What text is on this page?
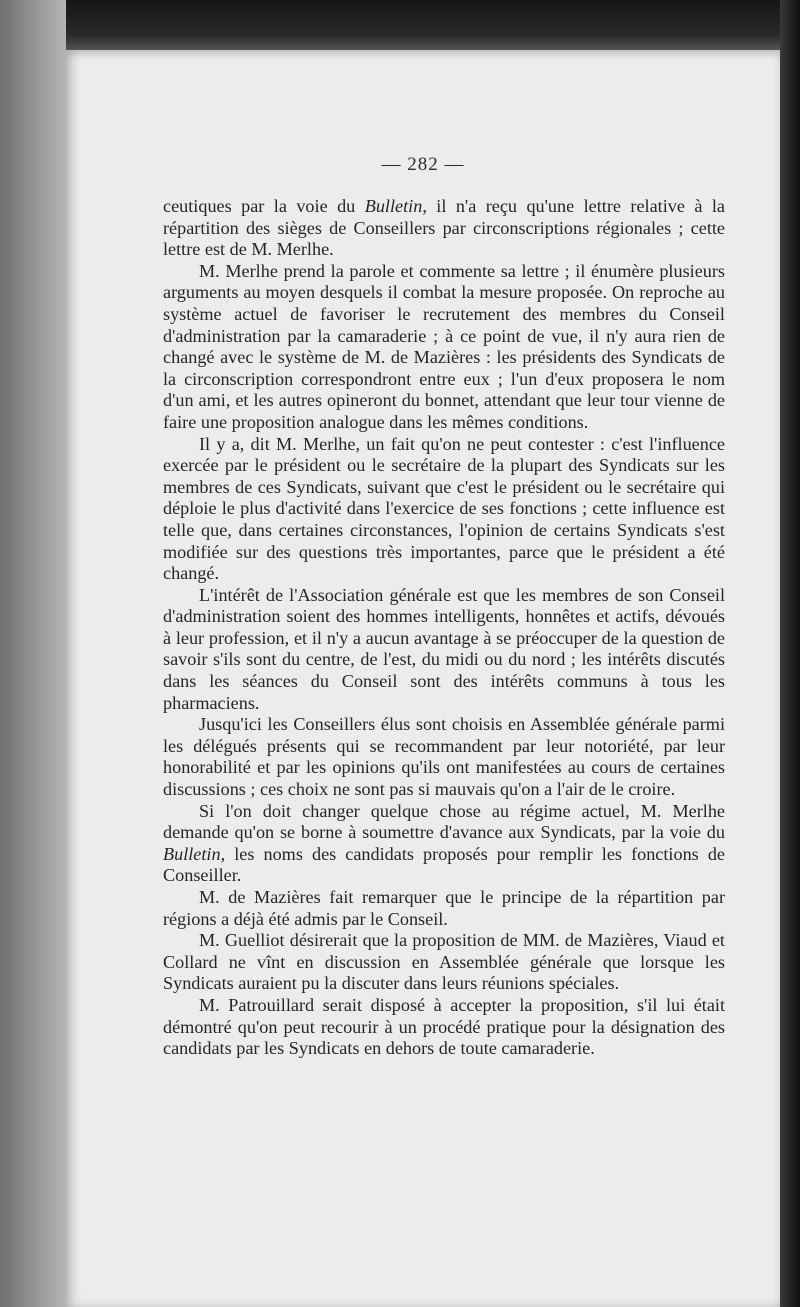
— 282 —

ceutiques par la voie du Bulletin, il n'a reçu qu'une lettre relative à la répartition des sièges de Conseillers par circonscriptions régionales ; cette lettre est de M. Merlhe.

M. Merlhe prend la parole et commente sa lettre ; il énumère plusieurs arguments au moyen desquels il combat la mesure proposée. On reproche au système actuel de favoriser le recrutement des membres du Conseil d'administration par la camaraderie ; à ce point de vue, il n'y aura rien de changé avec le système de M. de Mazières : les présidents des Syndicats de la circonscription correspondront entre eux ; l'un d'eux proposera le nom d'un ami, et les autres opineront du bonnet, attendant que leur tour vienne de faire une proposition analogue dans les mêmes conditions.

Il y a, dit M. Merlhe, un fait qu'on ne peut contester : c'est l'influence exercée par le président ou le secrétaire de la plupart des Syndicats sur les membres de ces Syndicats, suivant que c'est le président ou le secrétaire qui déploie le plus d'activité dans l'exercice de ses fonctions ; cette influence est telle que, dans certaines circonstances, l'opinion de certains Syndicats s'est modifiée sur des questions très importantes, parce que le président a été changé.

L'intérêt de l'Association générale est que les membres de son Conseil d'administration soient des hommes intelligents, honnêtes et actifs, dévoués à leur profession, et il n'y a aucun avantage à se préoccuper de la question de savoir s'ils sont du centre, de l'est, du midi ou du nord ; les intérêts discutés dans les séances du Conseil sont des intérêts communs à tous les pharmaciens.

Jusqu'ici les Conseillers élus sont choisis en Assemblée générale parmi les délégués présents qui se recommandent par leur notoriété, par leur honorabilité et par les opinions qu'ils ont manifestées au cours de certaines discussions ; ces choix ne sont pas si mauvais qu'on a l'air de le croire.

Si l'on doit changer quelque chose au régime actuel, M. Merlhe demande qu'on se borne à soumettre d'avance aux Syndicats, par la voie du Bulletin, les noms des candidats proposés pour remplir les fonctions de Conseiller.

M. de Mazières fait remarquer que le principe de la répartition par régions a déjà été admis par le Conseil.

M. Guelliot désirerait que la proposition de MM. de Mazières, Viaud et Collard ne vînt en discussion en Assemblée générale que lorsque les Syndicats auraient pu la discuter dans leurs réunions spéciales.

M. Patrouillard serait disposé à accepter la proposition, s'il lui était démontré qu'on peut recourir à un procédé pratique pour la désignation des candidats par les Syndicats en dehors de toute camaraderie.
